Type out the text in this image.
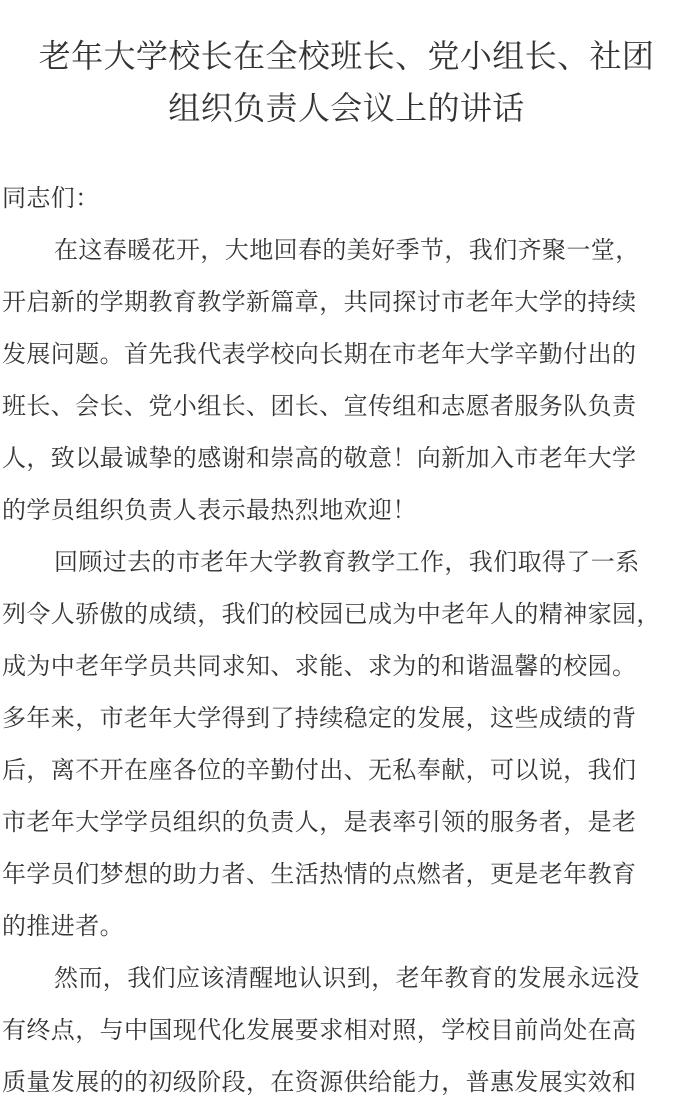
老年大学校长在全校班长、党小组长、社团
组织负责人会议上的讲话
同志们：
在这春暖花开，大地回春的美好季节，我们齐聚一堂，
开启新的学期教育教学新篇章，共同探讨市老年大学的持续
发展问题。首先我代表学校向长期在市老年大学辛勤付出的
班长、会长、党小组长、团长、宣传组和志愿者服务队负责
人，致以最诚挚的感谢和崇高的敬意！向新加入市老年大学
的学员组织负责人表示最热烈地欢迎！
回顾过去的市老年大学教育教学工作，我们取得了一系
列令人骄傲的成绩，我们的校园已成为中老年人的精神家园，
成为中老年学员共同求知、求能、求为的和谐温馨的校园。
多年来，市老年大学得到了持续稳定的发展，这些成绩的背
后，离不开在座各位的辛勤付出、无私奉献，可以说，我们
市老年大学学员组织的负责人，是表率引领的服务者，是老
年学员们梦想的助力者、生活热情的点燃者，更是老年教育
的推进者。
然而，我们应该清醒地认识到，老年教育的发展永远没
有终点，与中国现代化发展要求相对照，学校目前尚处在高
质量发展的的初级阶段，在资源供给能力，普惠发展实效和
